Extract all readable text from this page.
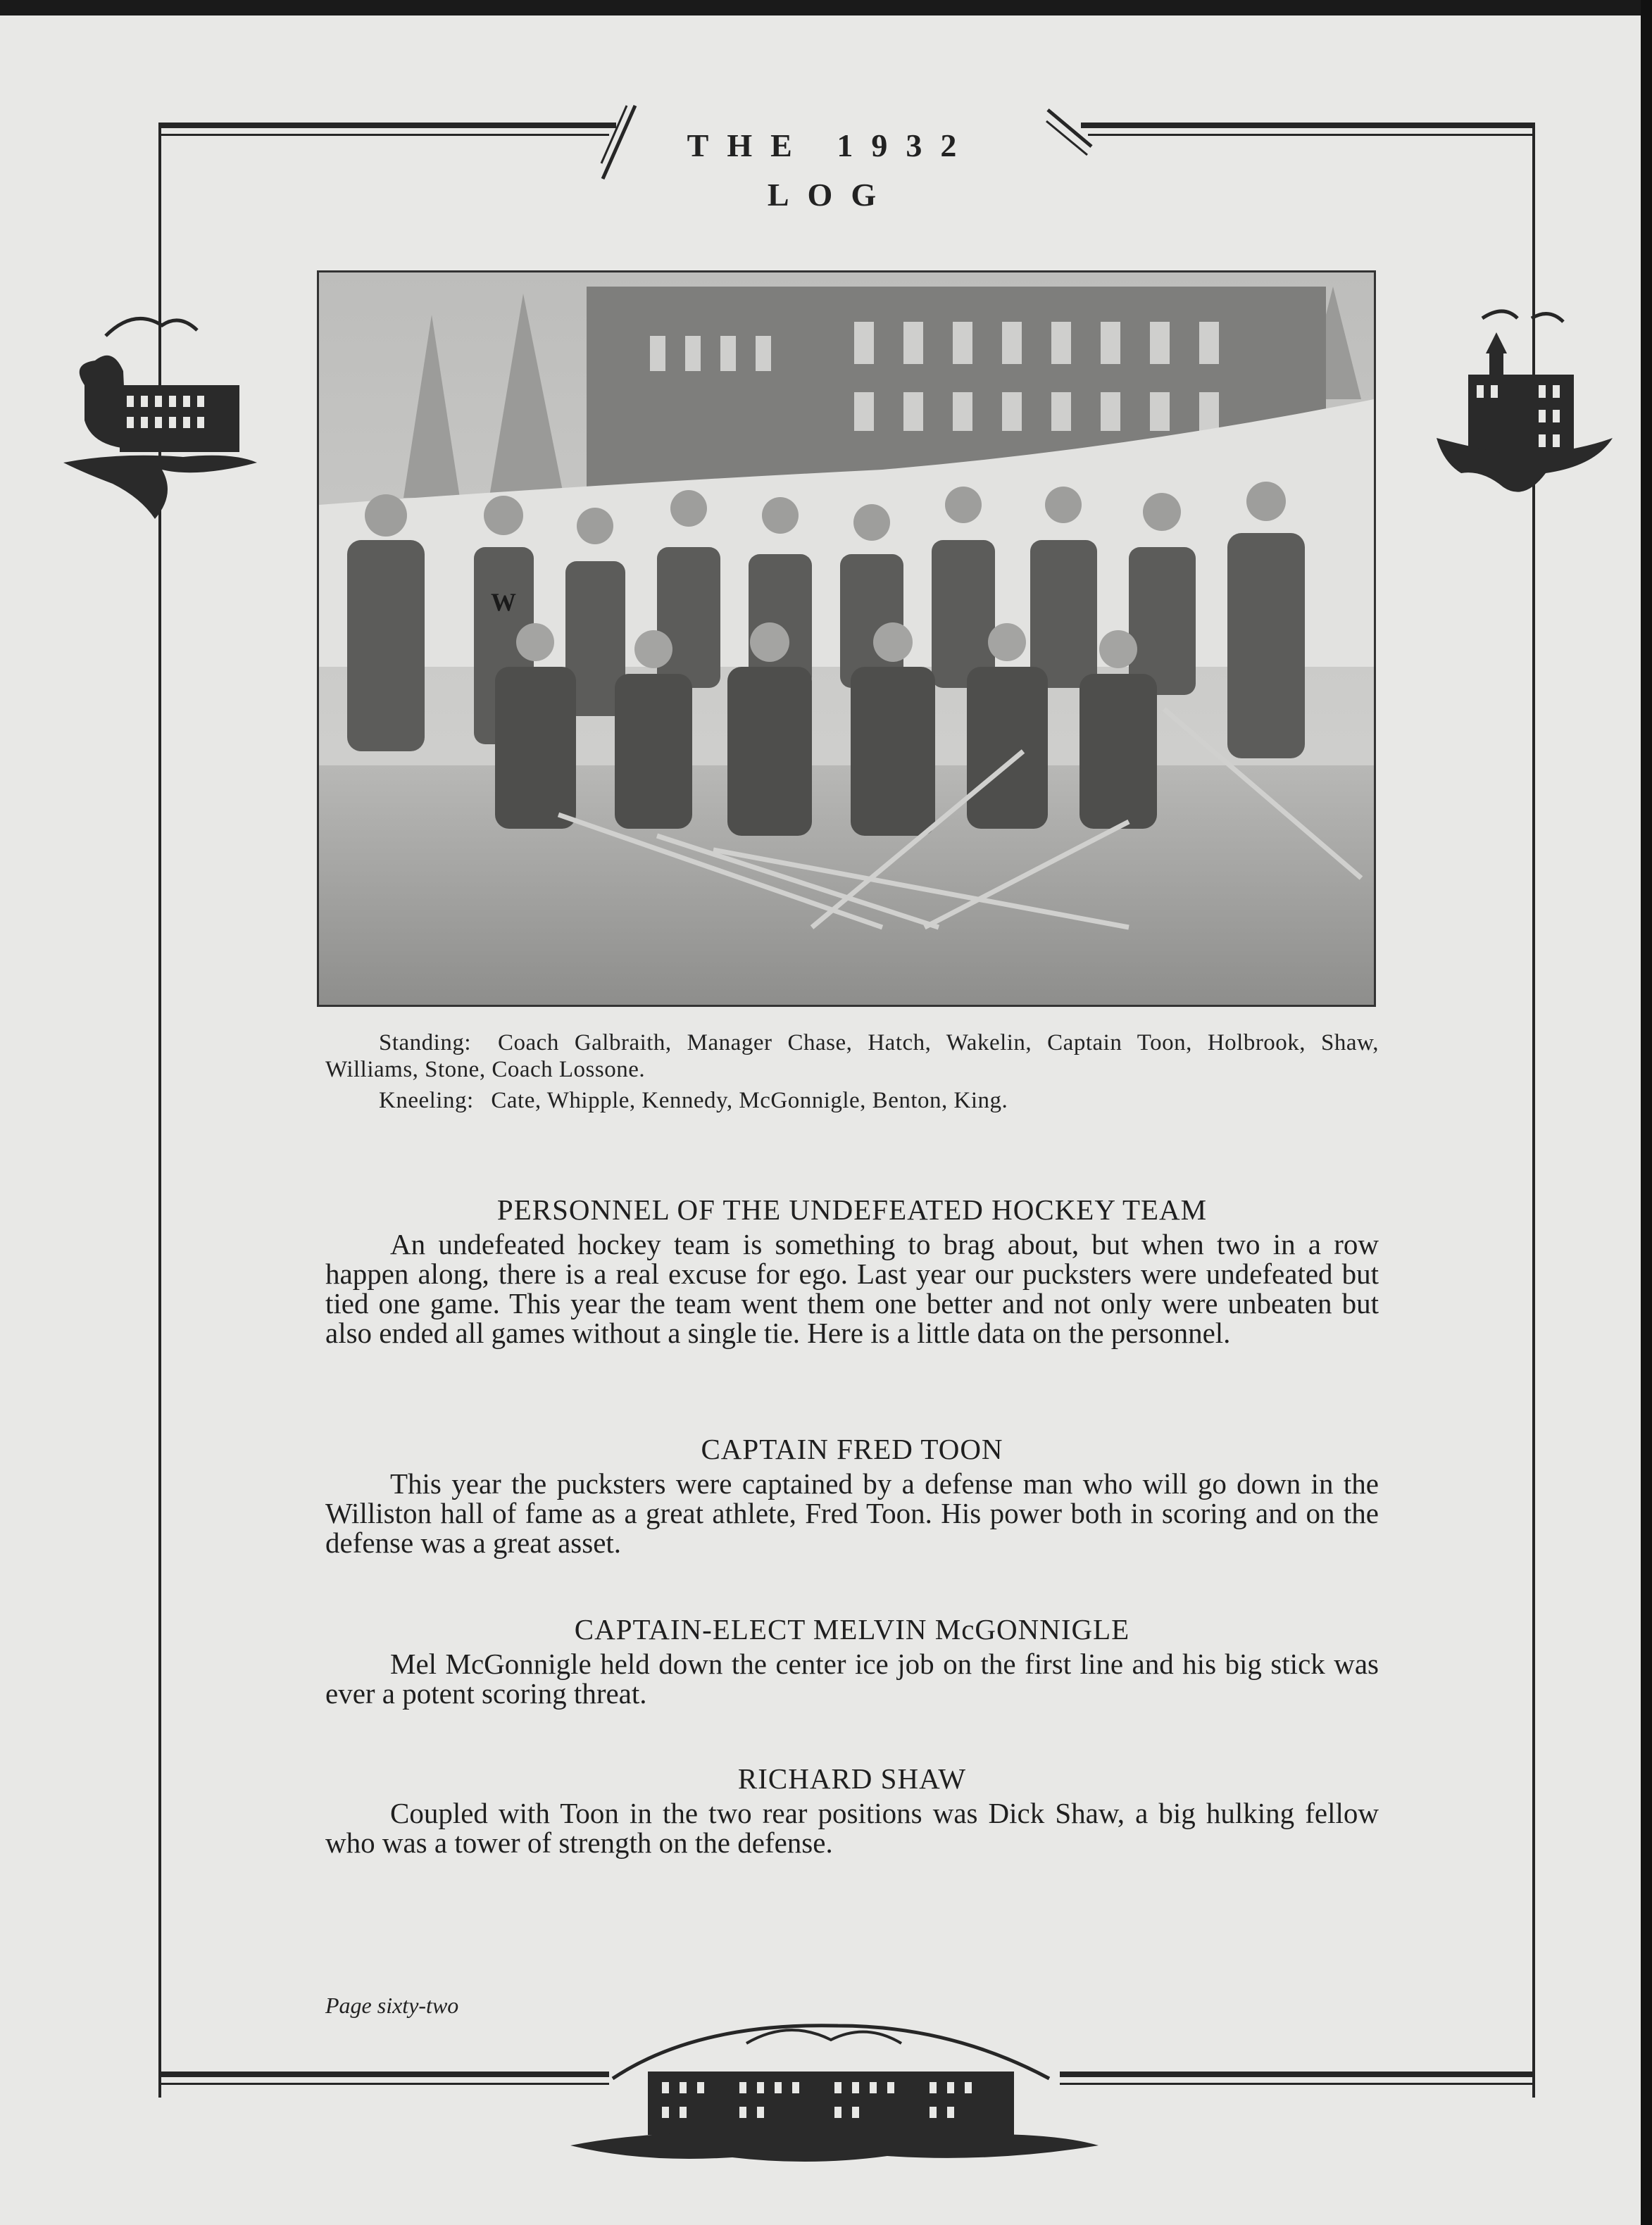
THE 1932 LOG
W

Standing: Coach Galbraith, Manager Chase, Hatch, Wakelin, Captain Toon, Holbrook, Shaw, Williams, Stone, Coach Lossone.

Kneeling: Cate, Whipple, Kennedy, McGonnigle, Benton, King.

PERSONNEL OF THE UNDEFEATED HOCKEY TEAM

An undefeated hockey team is something to brag about, but when two in a row happen along, there is a real excuse for ego. Last year our pucksters were undefeated but tied one game. This year the team went them one better and not only were unbeaten but also ended all games without a single tie. Here is a little data on the personnel.

CAPTAIN FRED TOON

This year the pucksters were captained by a defense man who will go down in the Williston hall of fame as a great athlete, Fred Toon. His power both in scoring and on the defense was a great asset.

CAPTAIN-ELECT MELVIN McGONNIGLE

Mel McGonnigle held down the center ice job on the first line and his big stick was ever a potent scoring threat.

RICHARD SHAW

Coupled with Toon in the two rear positions was Dick Shaw, a big hulking fellow who was a tower of strength on the defense.

Page sixty-two
